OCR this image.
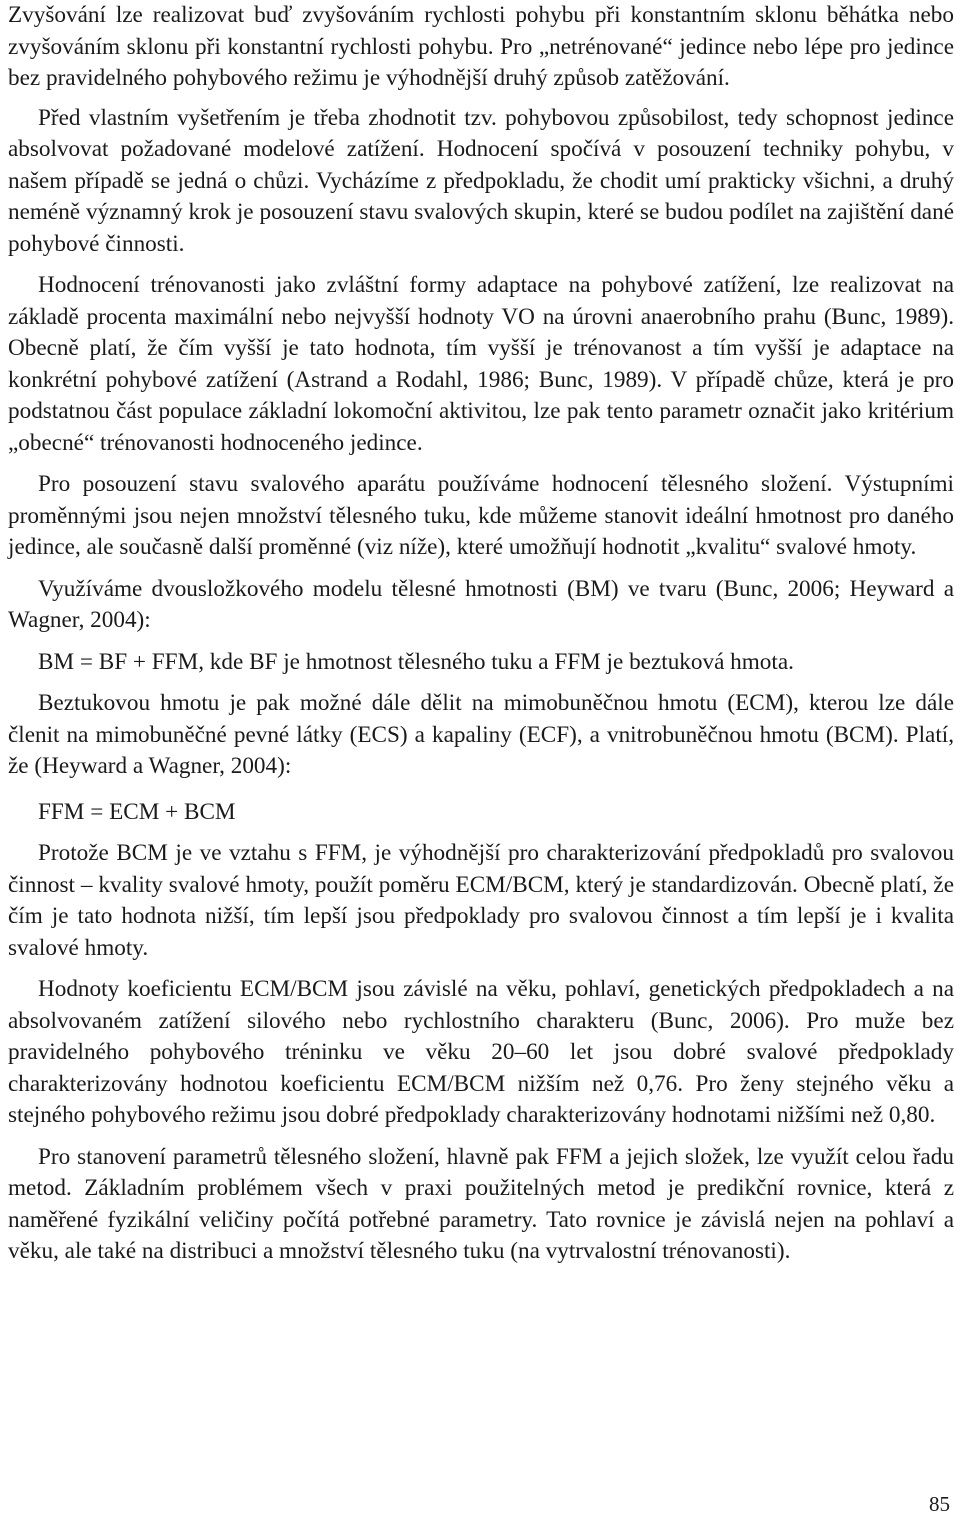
Zvyšování lze realizovat buď zvyšováním rychlosti pohybu při konstantním sklonu běhátka nebo zvyšováním sklonu při konstantní rychlosti pohybu. Pro „netrénované“ jedince nebo lépe pro jedince bez pravidelného pohybového režimu je výhodnější druhý způsob zatěžování.

Před vlastním vyšetřením je třeba zhodnotit tzv. pohybovou způsobilost, tedy schopnost jedince absolvovat požadované modelové zatížení. Hodnocení spočívá v posouzení techniky pohybu, v našem případě se jedná o chůzi. Vycházíme z předpokladu, že chodit umí prakticky všichni, a druhý neméně významný krok je posouzení stavu svalových skupin, které se budou podílet na zajištění dané pohybové činnosti.

Hodnocení trénovanosti jako zvláštní formy adaptace na pohybové zatížení, lze realizovat na základě procenta maximální nebo nejvyšší hodnoty VO na úrovni anaerobního prahu (Bunc, 1989). Obecně platí, že čím vyšší je tato hodnota, tím vyšší je trénovanost a tím vyšší je adaptace na konkrétní pohybové zatížení (Astrand a Rodahl, 1986; Bunc, 1989). V případě chůze, která je pro podstatnou část populace základní lokomoční aktivitou, lze pak tento parametr označit jako kritérium „obecné“ trénovanosti hodnoceného jedince.

Pro posouzení stavu svalového aparátu používáme hodnocení tělesného složení. Výstupními proměnnými jsou nejen množství tělesného tuku, kde můžeme stanovit ideální hmotnost pro daného jedince, ale současně další proměnné (viz níže), které umožňují hodnotit „kvalitu“ svalové hmoty.

Využíváme dvousložkového modelu tělesné hmotnosti (BM) ve tvaru (Bunc, 2006; Heyward a Wagner, 2004):

BM = BF + FFM, kde BF je hmotnost tělesného tuku a FFM je beztuková hmota.

Beztukovou hmotu je pak možné dále dělit na mimobuněčnou hmotu (ECM), kterou lze dále členit na mimobuněčné pevné látky (ECS) a kapaliny (ECF), a vnitrobuněčnou hmotu (BCM). Platí, že (Heyward a Wagner, 2004):

FFM = ECM + BCM

Protože BCM je ve vztahu s FFM, je výhodnější pro charakterizování předpokladů pro svalovou činnost – kvality svalové hmoty, použít poměru ECM/BCM, který je standardizován. Obecně platí, že čím je tato hodnota nižší, tím lepší jsou předpoklady pro svalovou činnost a tím lepší je i kvalita svalové hmoty.

Hodnoty koeficientu ECM/BCM jsou závislé na věku, pohlaví, genetických předpokladech a na absolvovaném zatížení silového nebo rychlostního charakteru (Bunc, 2006). Pro muže bez pravidelného pohybového tréninku ve věku 20–60 let jsou dobré svalové předpoklady charakterizovány hodnotou koeficientu ECM/BCM nižším než 0,76. Pro ženy stejného věku a stejného pohybového režimu jsou dobré předpoklady charakterizovány hodnotami nižšími než 0,80.

Pro stanovení parametrů tělesného složení, hlavně pak FFM a jejich složek, lze využít celou řadu metod. Základním problémem všech v praxi použitelných metod je predikční rovnice, která z naměřené fyzikální veličiny počítá potřebné parametry. Tato rovnice je závislá nejen na pohlaví a věku, ale také na distribuci a množství tělesného tuku (na vytrvalostní trénovanosti).

85
